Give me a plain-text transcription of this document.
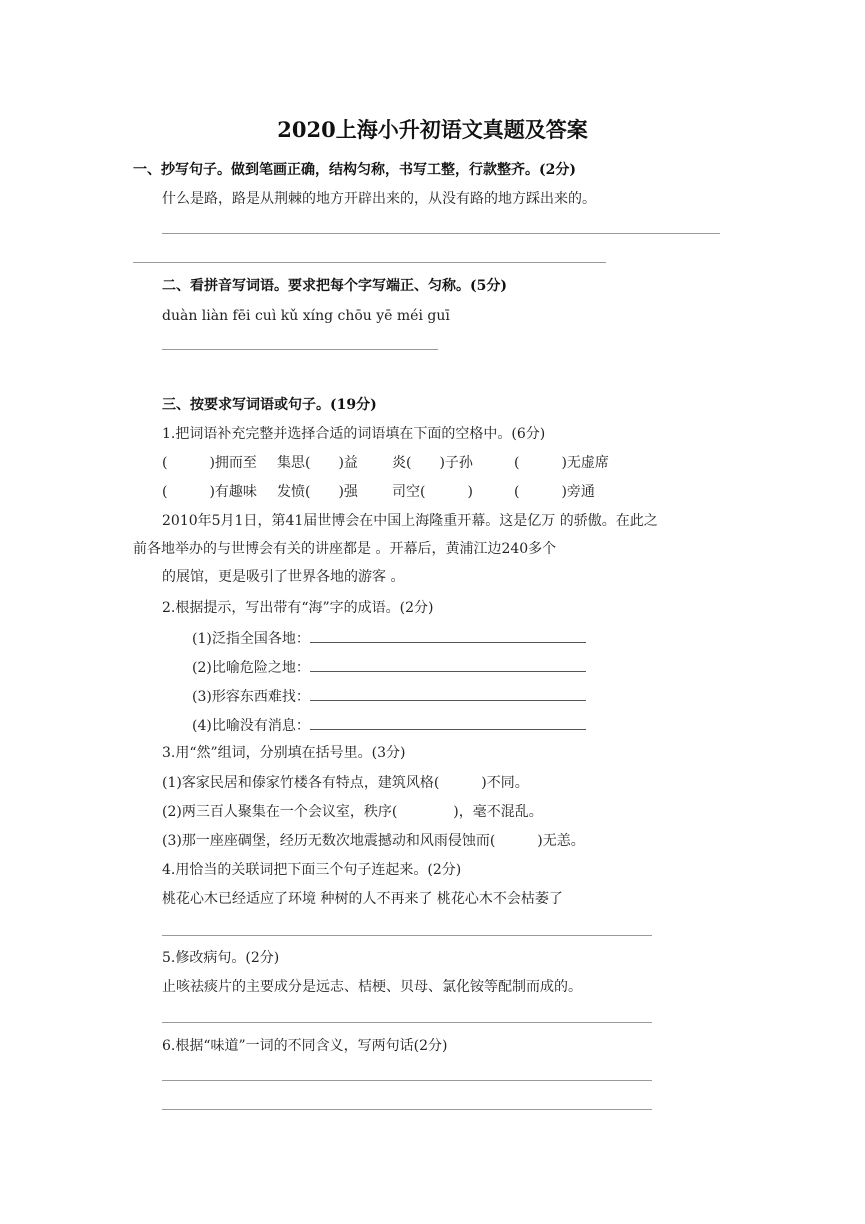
2020上海小升初语文真题及答案
一、抄写句子。做到笔画正确，结构匀称，书写工整，行款整齐。(2分)
什么是路，路是从荆棘的地方开辟出来的，从没有路的地方踩出来的。
二、看拼音写词语。要求把每个字写端正、匀称。(5分)
duàn liàn fēi cuì kǔ xíng chōu yē méi guī
三、按要求写词语或句子。(19分)
1.把词语补充完整并选择合适的词语填在下面的空格中。(6分)
(　　　)拥而至 集思(　　)益 炎(　　)子孙	(　　　)无虚席
(　　　)有趣味 发愤(　　)强 司空(　　　)	(　　　)旁通
2010年5月1日，第41届世博会在中国上海隆重开幕。这是亿万 的骄傲。在此之
前各地举办的与世博会有关的讲座都是 。开幕后，黄浦江边240多个
的展馆，更是吸引了世界各地的游客 。
2.根据提示，写出带有“海”字的成语。(2分)
(1)泛指全国各地：
(2)比喻危险之地：
(3)形容东西难找：
(4)比喻没有消息：
3.用“然”组词，分别填在括号里。(3分)
(1)客家民居和傣家竹楼各有特点，建筑风格(　　　)不同。
(2)两三百人聚集在一个会议室，秩序(　　　　)，毫不混乱。
(3)那一座座碉堡，经历无数次地震撼动和风雨侵蚀而(　　　)无恙。
4.用恰当的关联词把下面三个句子连起来。(2分)
桃花心木已经适应了环境 种树的人不再来了 桃花心木不会枯萎了
5.修改病句。(2分)
止咳祛痰片的主要成分是远志、桔梗、贝母、氯化铵等配制而成的。
6.根据“味道”一词的不同含义，写两句话(2分)
